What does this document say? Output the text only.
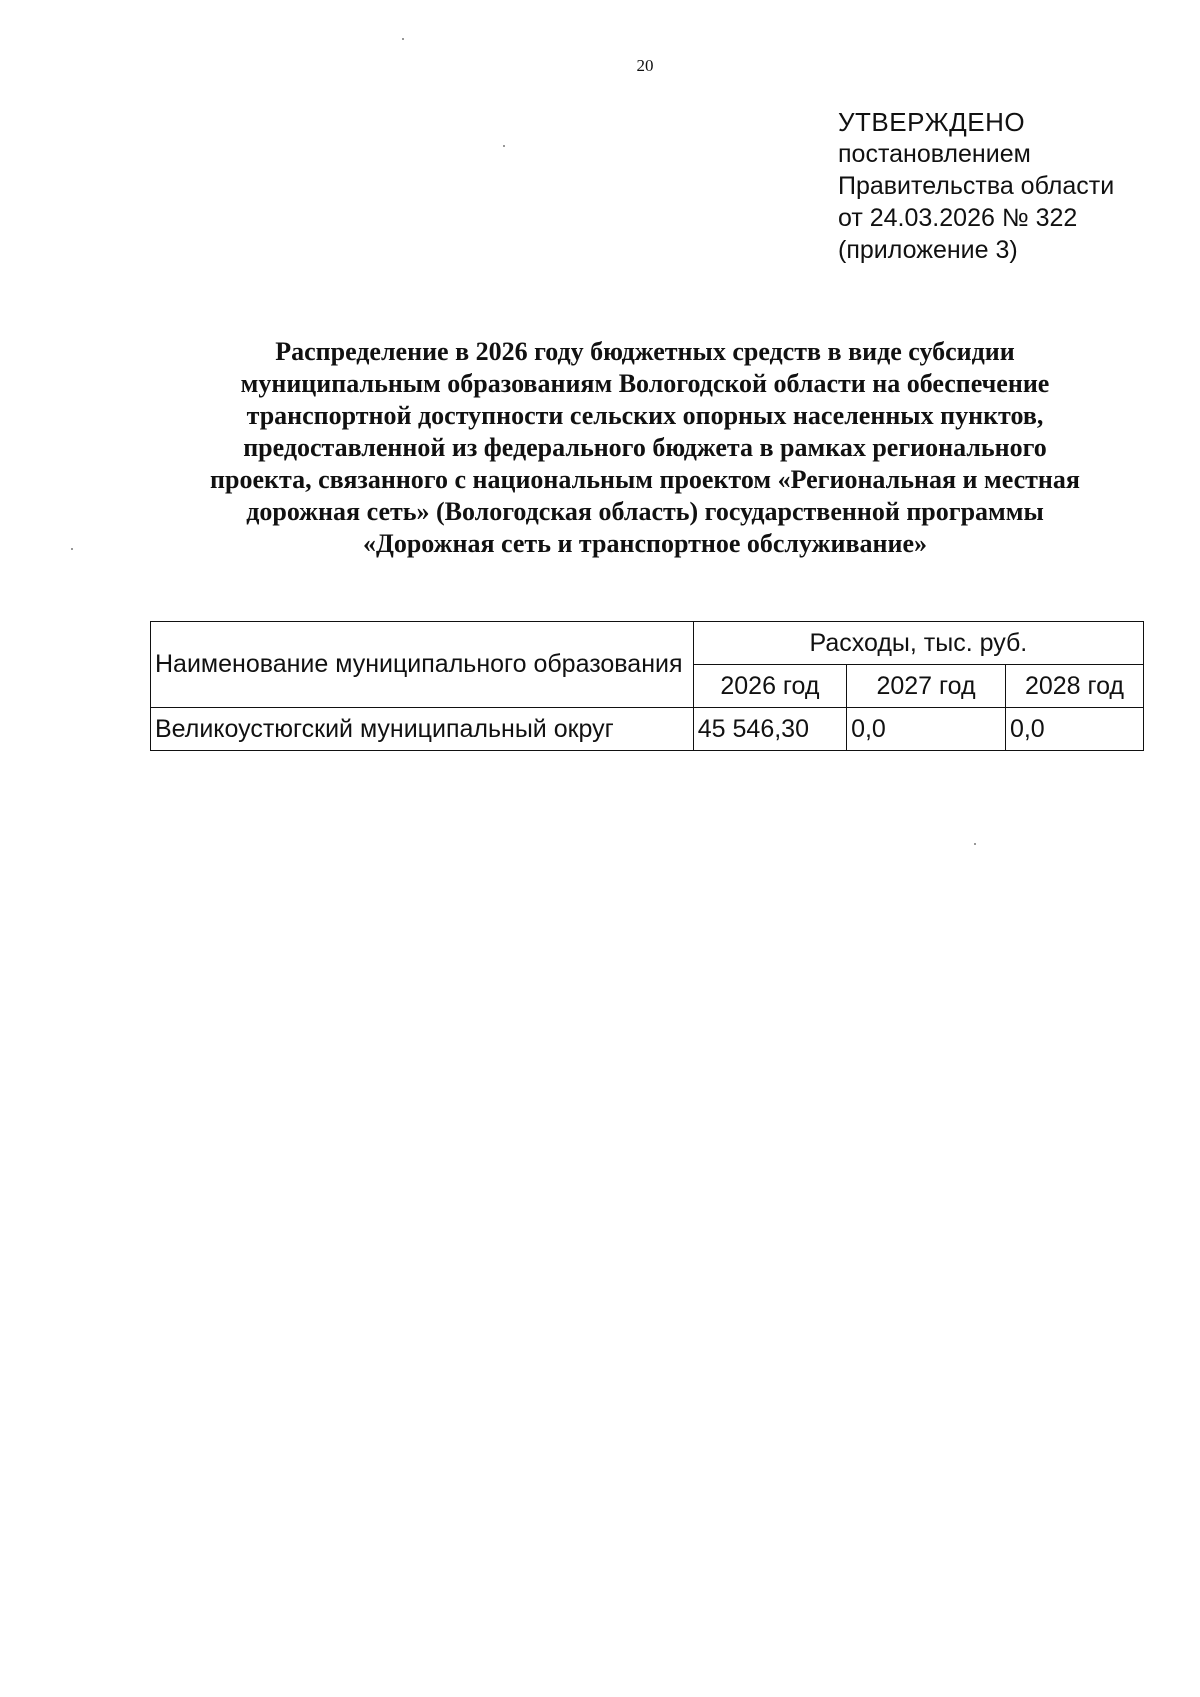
20
УТВЕРЖДЕНО
постановлением
Правительства области
от 24.03.2026 № 322
(приложение 3)
Распределение в 2026 году бюджетных средств в виде субсидии
муниципальным образованиям Вологодской области на обеспечение
транспортной доступности сельских опорных населенных пунктов,
предоставленной из федерального бюджета в рамках регионального
проекта, связанного с национальным проектом «Региональная и местная
дорожная сеть» (Вологодская область) государственной программы
«Дорожная сеть и транспортное обслуживание»
Наименование муниципального образования	Расходы, тыс. руб.		
	2026 год	2027 год	2028 год
Великоустюгский муниципальный округ	45 546,30	0,0	0,0
